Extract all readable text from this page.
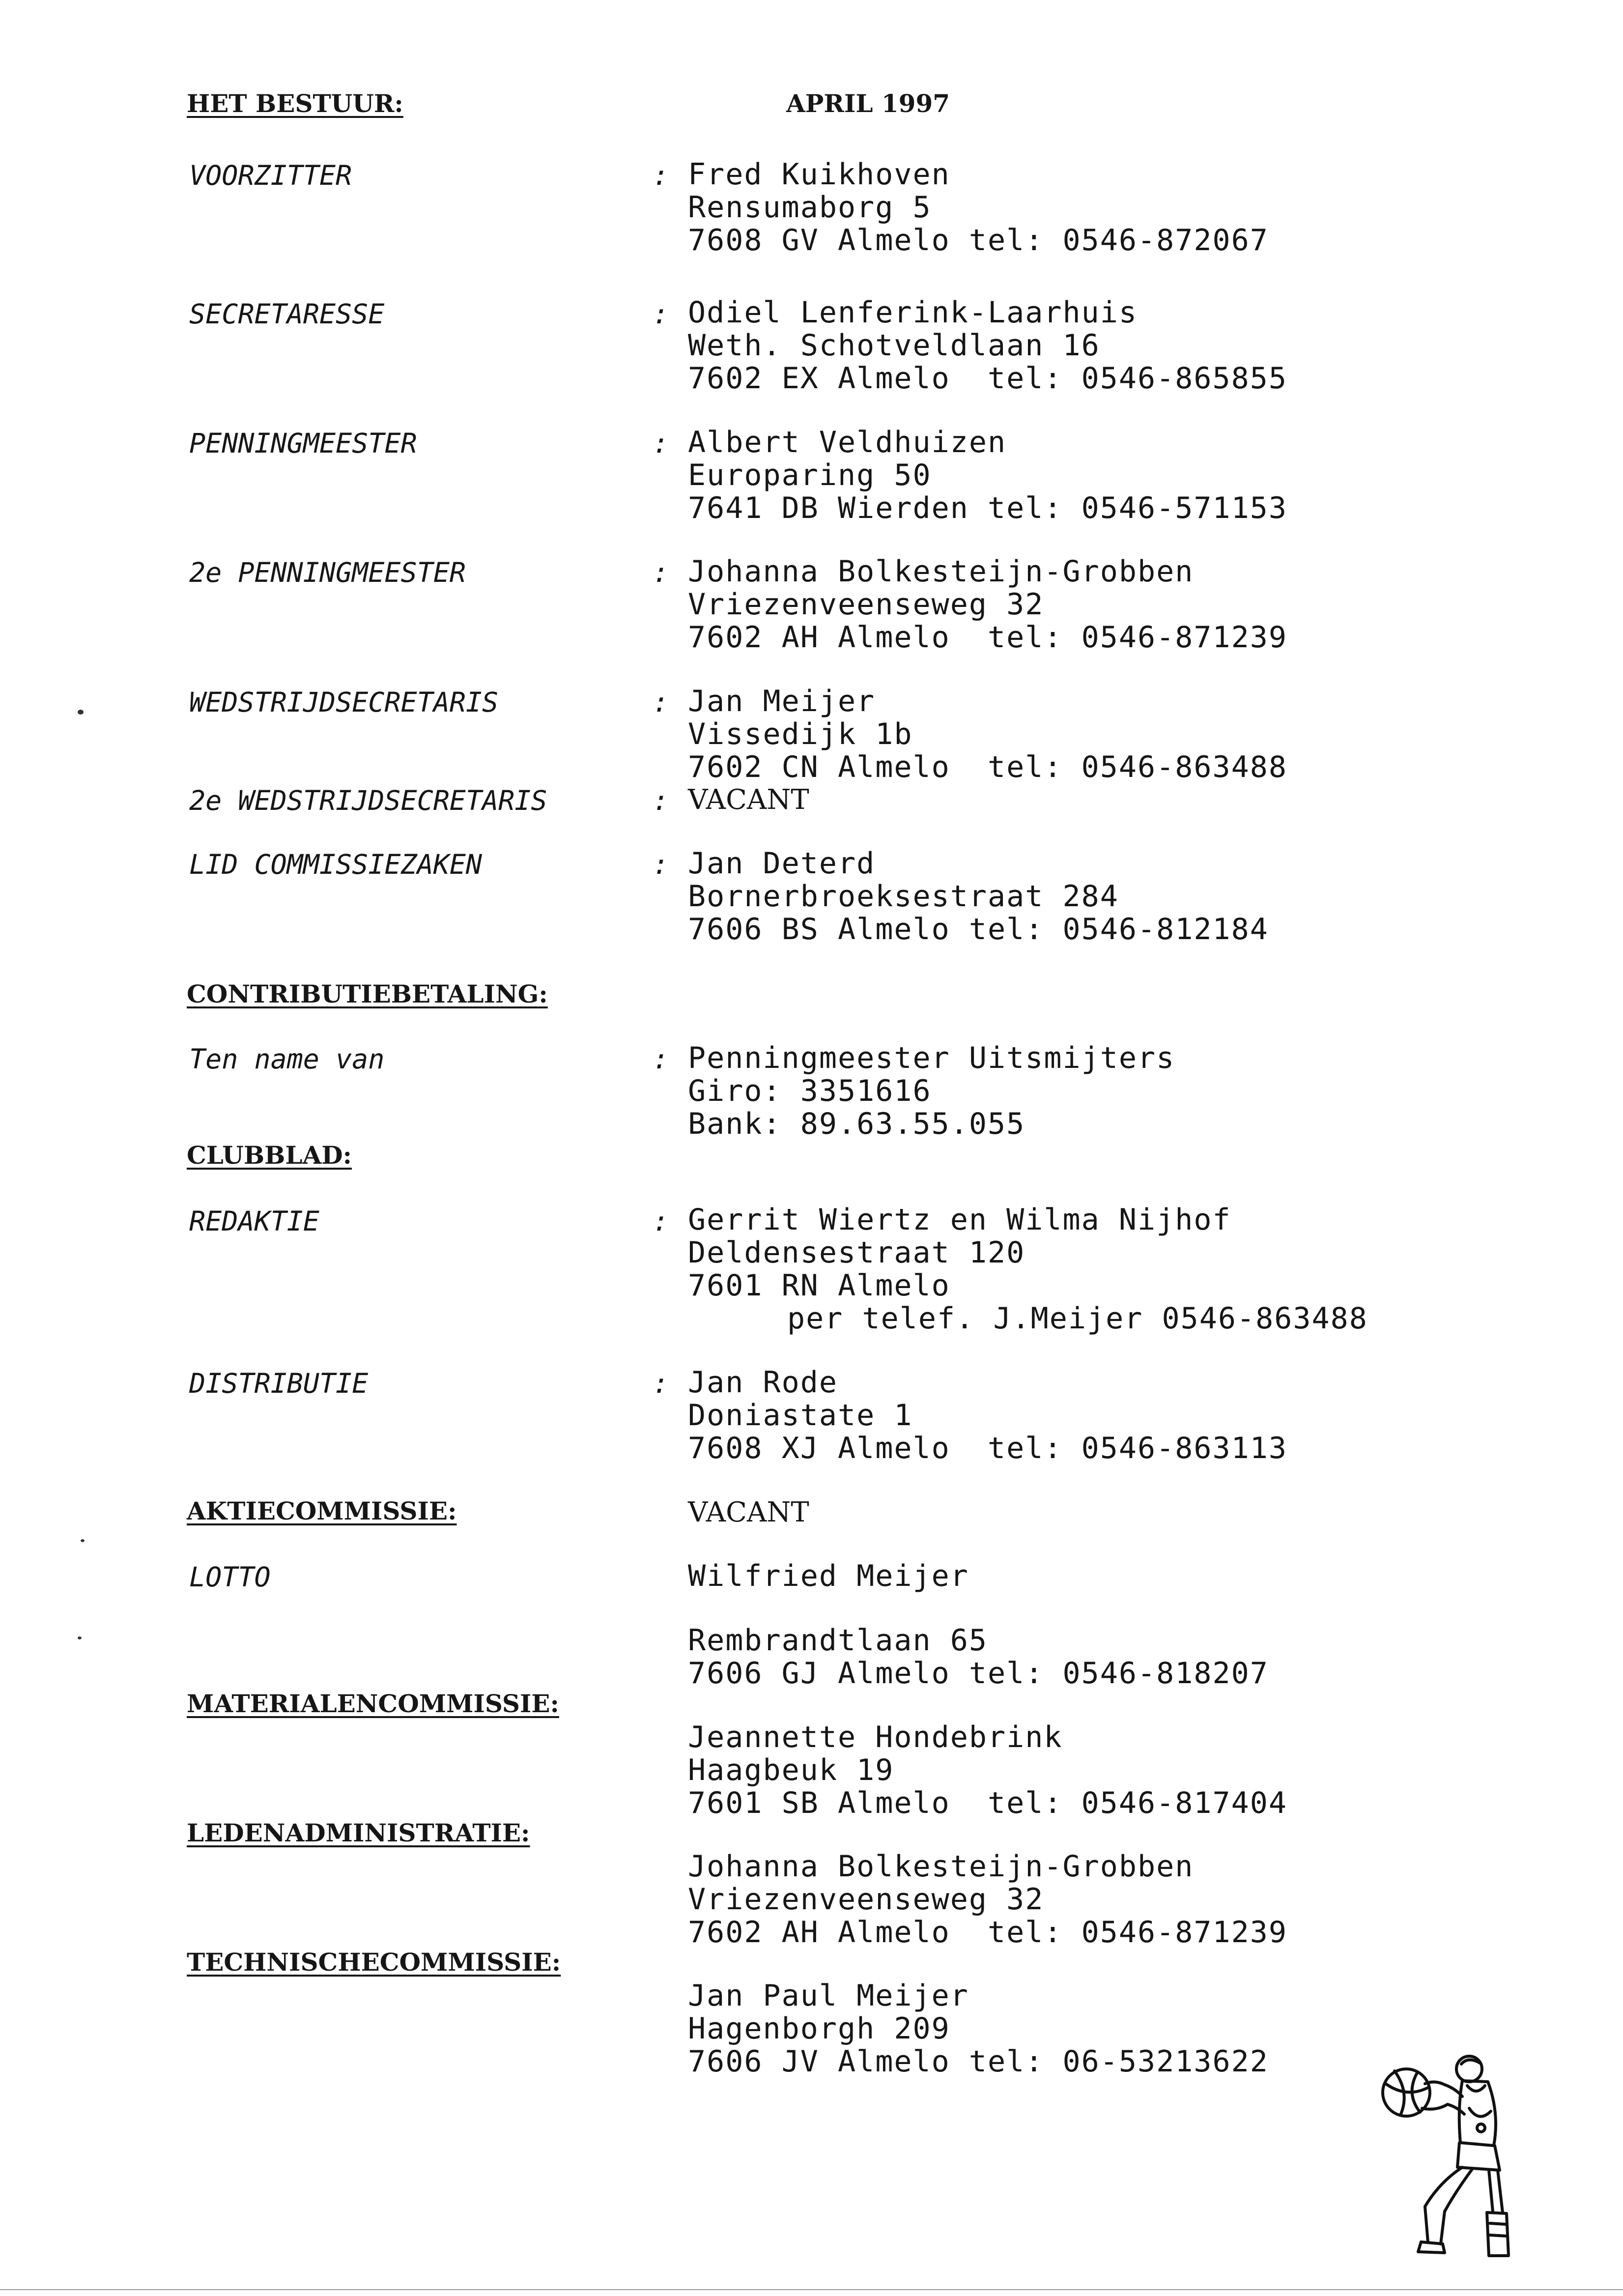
HET BESTUUR:	APRIL 1997
VOORZITTER	: Fred Kuikhoven
Rensumaborg 5
7608 GV Almelo tel: 0546-872067
SECRETARESSE	: Odiel Lenferink-Laarhuis
Weth. Schotveldlaan 16
7602 EX Almelo  tel: 0546-865855
PENNINGMEESTER	: Albert Veldhuizen
Europaring 50
7641 DB Wierden tel: 0546-571153
2e PENNINGMEESTER	: Johanna Bolkesteijn-Grobben
Vriezenveenseweg 32
7602 AH Almelo  tel: 0546-871239
WEDSTRIJDSECRETARIS	: Jan Meijer
Vissedijk 1b
7602 CN Almelo  tel: 0546-863488
2e WEDSTRIJDSECRETARIS	: VACANT
LID COMMISSIEZAKEN	: Jan Deterd
Bornerbroeksestraat 284
7606 BS Almelo tel: 0546-812184
CONTRIBUTIEBETALING:
Ten name van	: Penningmeester Uitsmijters
Giro: 3351616
Bank: 89.63.55.055
CLUBBLAD:
REDAKTIE	: Gerrit Wiertz en Wilma Nijhof
Deldensestraat 120
7601 RN Almelo
per telef. J.Meijer 0546-863488
DISTRIBUTIE	: Jan Rode
Doniastate 1
7608 XJ Almelo  tel: 0546-863113
AKTIECOMMISSIE:	VACANT
LOTTO	Wilfried Meijer
Rembrandtlaan 65
7606 GJ Almelo tel: 0546-818207
MATERIALENCOMMISSIE:
Jeannette Hondebrink
Haagbeuk 19
7601 SB Almelo  tel: 0546-817404
LEDENADMINISTRATIE:
Johanna Bolkesteijn-Grobben
Vriezenveenseweg 32
7602 AH Almelo  tel: 0546-871239
TECHNISCHECOMMISSIE:
Jan Paul Meijer
Hagenborgh 209
7606 JV Almelo tel: 06-53213622
